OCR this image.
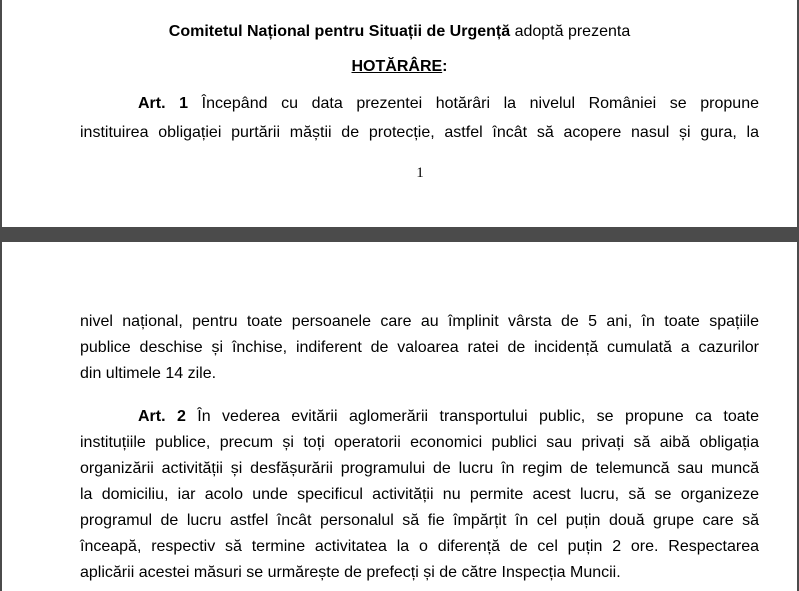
Comitetul Național pentru Situații de Urgență adoptă prezenta
HOTĂRÂRE:
Art. 1 Începând cu data prezentei hotărâri la nivelul României se propune
instituirea obligației purtării măștii de protecție, astfel încât să acopere nasul și gura, la
1
nivel național, pentru toate persoanele care au împlinit vârsta de 5 ani, în toate spațiile
publice deschise și închise, indiferent de valoarea ratei de incidență cumulată a cazurilor
din ultimele 14 zile.
Art. 2 În vederea evitării aglomerării transportului public, se propune ca toate
instituțiile publice, precum și toți operatorii economici publici sau privați să aibă obligația
organizării activității și desfășurării programului de lucru în regim de telemuncă sau muncă
la domiciliu, iar acolo unde specificul activității nu permite acest lucru, să se organizeze
programul de lucru astfel încât personalul să fie împărțit în cel puțin două grupe care să
înceapă, respectiv să termine activitatea la o diferență de cel puțin 2 ore. Respectarea
aplicării acestei măsuri se urmărește de prefecți și de către Inspecția Muncii.
